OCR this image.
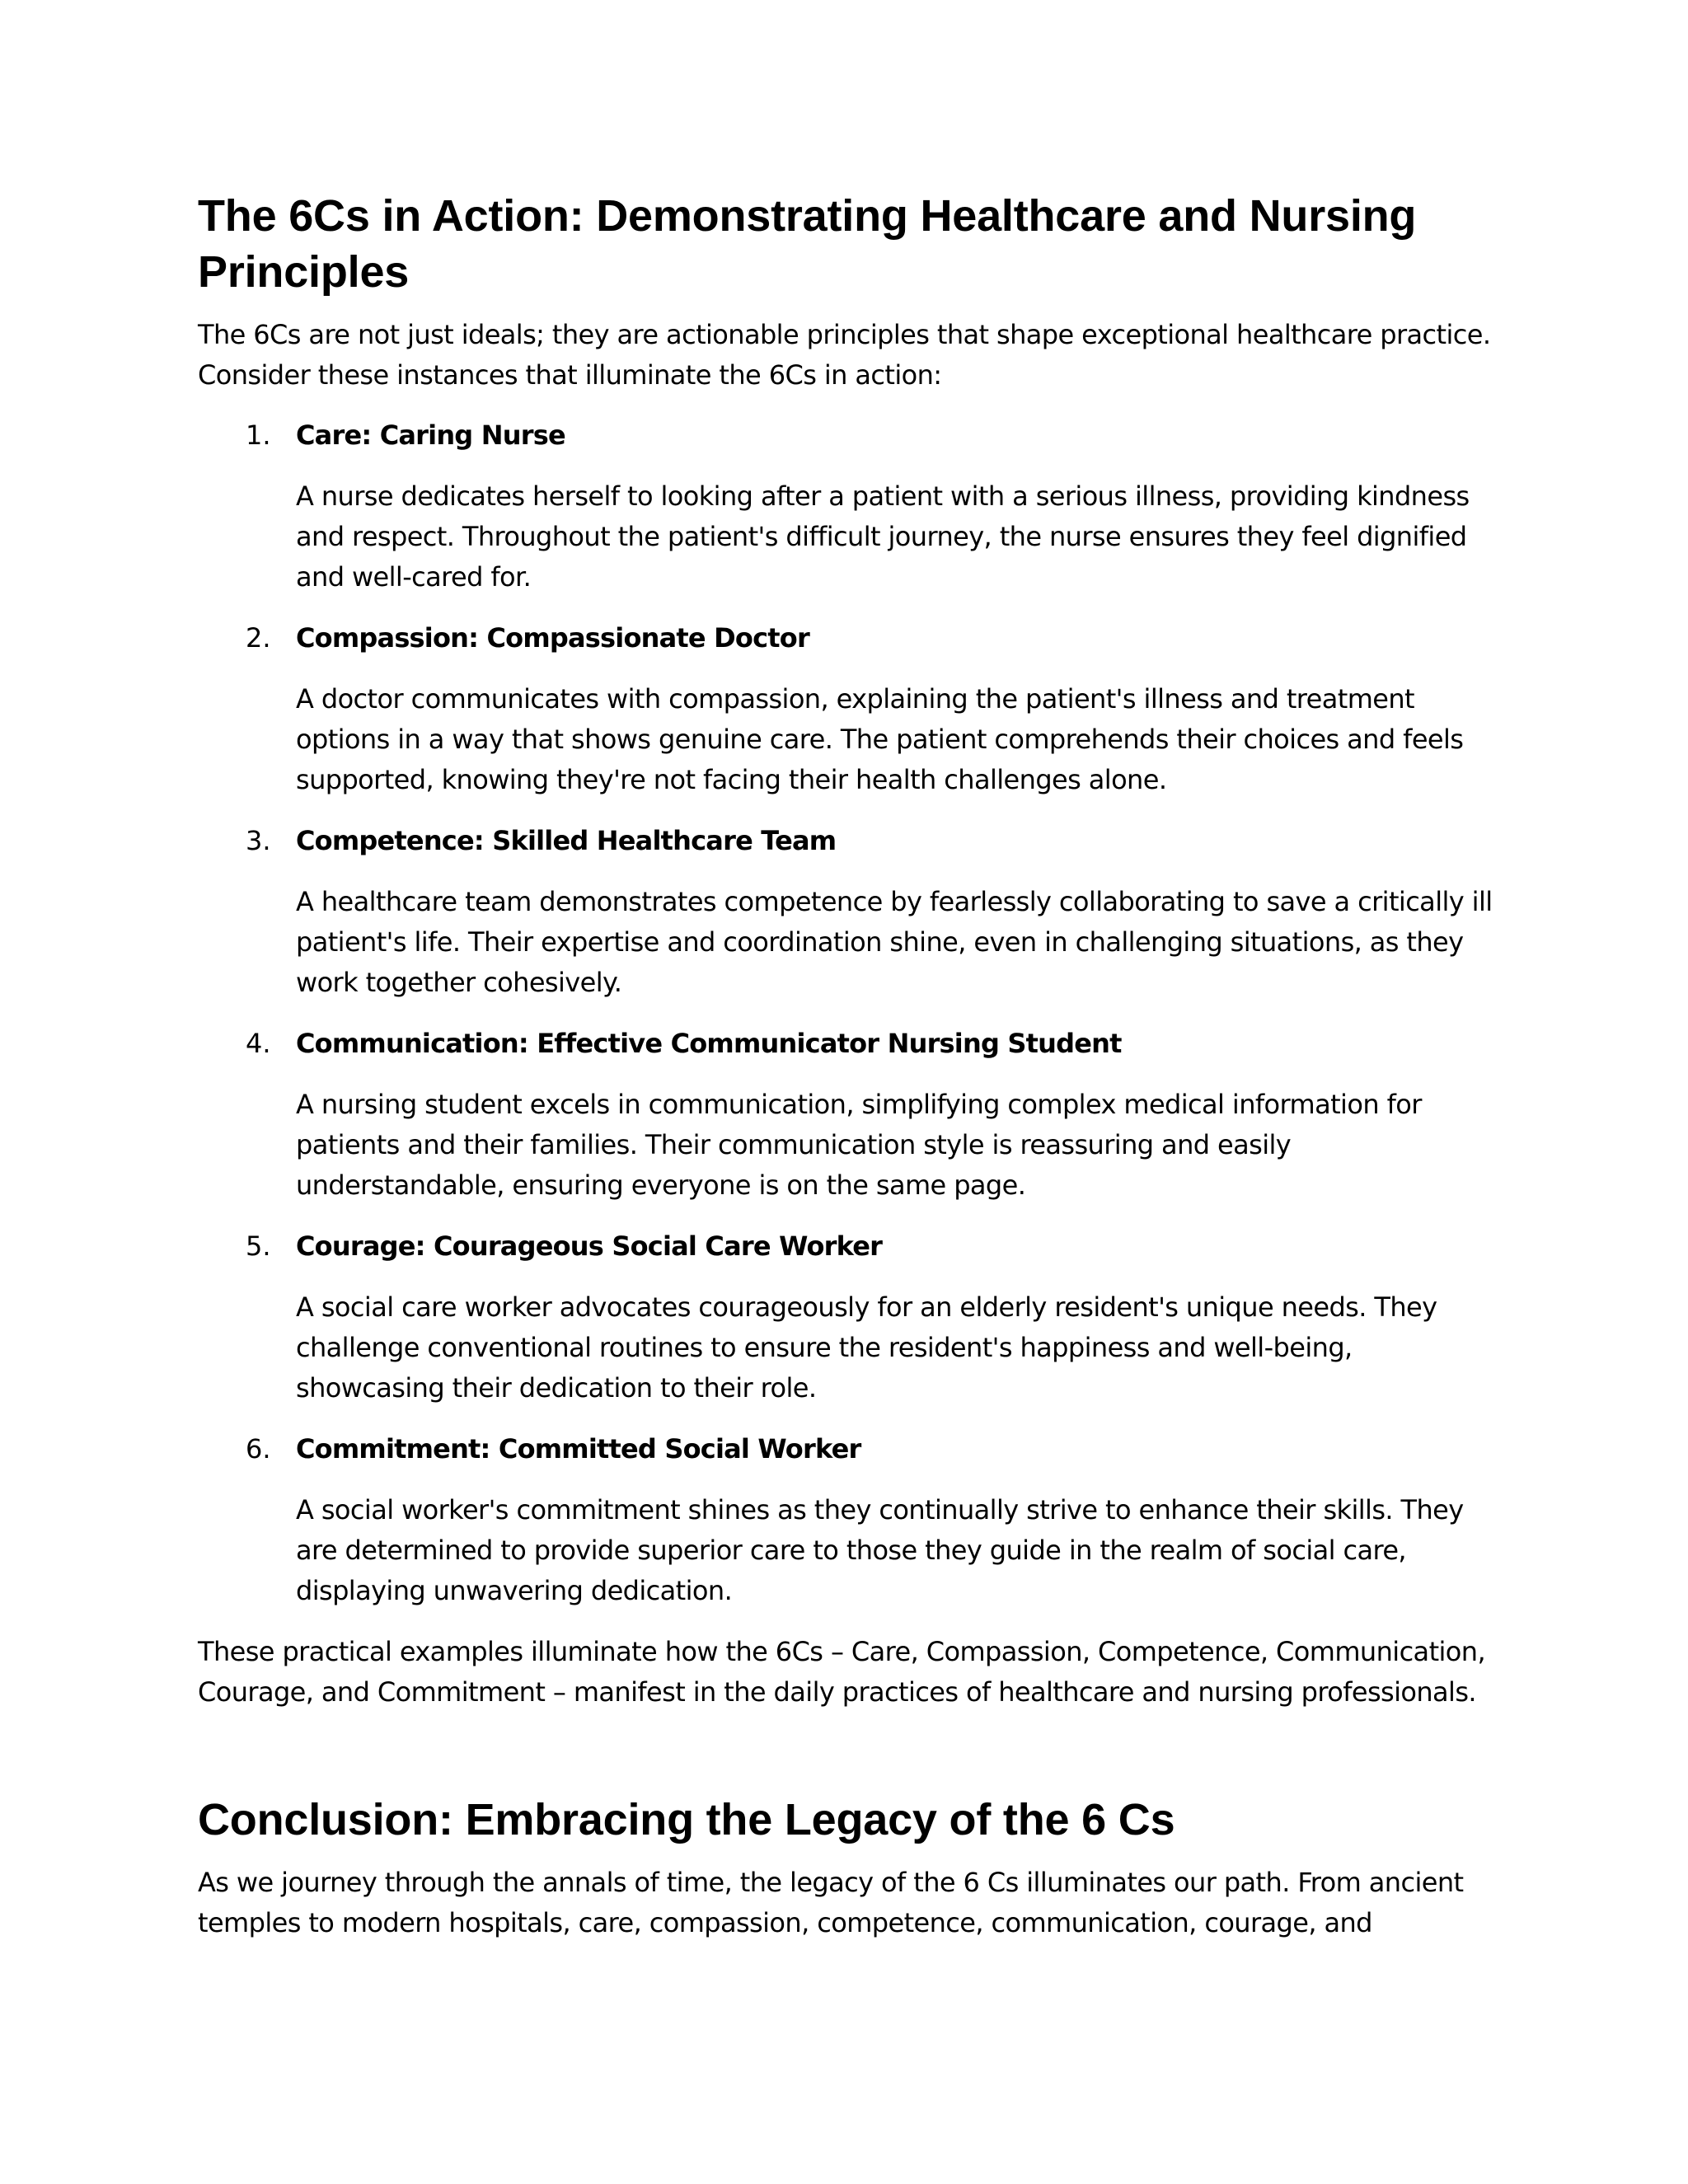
The 6Cs in Action: Demonstrating Healthcare and Nursing Principles

The 6Cs are not just ideals; they are actionable principles that shape exceptional healthcare practice. Consider these instances that illuminate the 6Cs in action:

1. Care: Caring Nurse

A nurse dedicates herself to looking after a patient with a serious illness, providing kindness and respect. Throughout the patient's difficult journey, the nurse ensures they feel dignified and well-cared for.

2. Compassion: Compassionate Doctor

A doctor communicates with compassion, explaining the patient's illness and treatment options in a way that shows genuine care. The patient comprehends their choices and feels supported, knowing they're not facing their health challenges alone.

3. Competence: Skilled Healthcare Team

A healthcare team demonstrates competence by fearlessly collaborating to save a critically ill patient's life. Their expertise and coordination shine, even in challenging situations, as they work together cohesively.

4. Communication: Effective Communicator Nursing Student

A nursing student excels in communication, simplifying complex medical information for patients and their families. Their communication style is reassuring and easily understandable, ensuring everyone is on the same page.

5. Courage: Courageous Social Care Worker

A social care worker advocates courageously for an elderly resident's unique needs. They challenge conventional routines to ensure the resident's happiness and well-being, showcasing their dedication to their role.

6. Commitment: Committed Social Worker

A social worker's commitment shines as they continually strive to enhance their skills. They are determined to provide superior care to those they guide in the realm of social care, displaying unwavering dedication.

These practical examples illuminate how the 6Cs – Care, Compassion, Competence, Communication, Courage, and Commitment – manifest in the daily practices of healthcare and nursing professionals.

Conclusion: Embracing the Legacy of the 6 Cs

As we journey through the annals of time, the legacy of the 6 Cs illuminates our path. From ancient temples to modern hospitals, care, compassion, competence, communication, courage, and
